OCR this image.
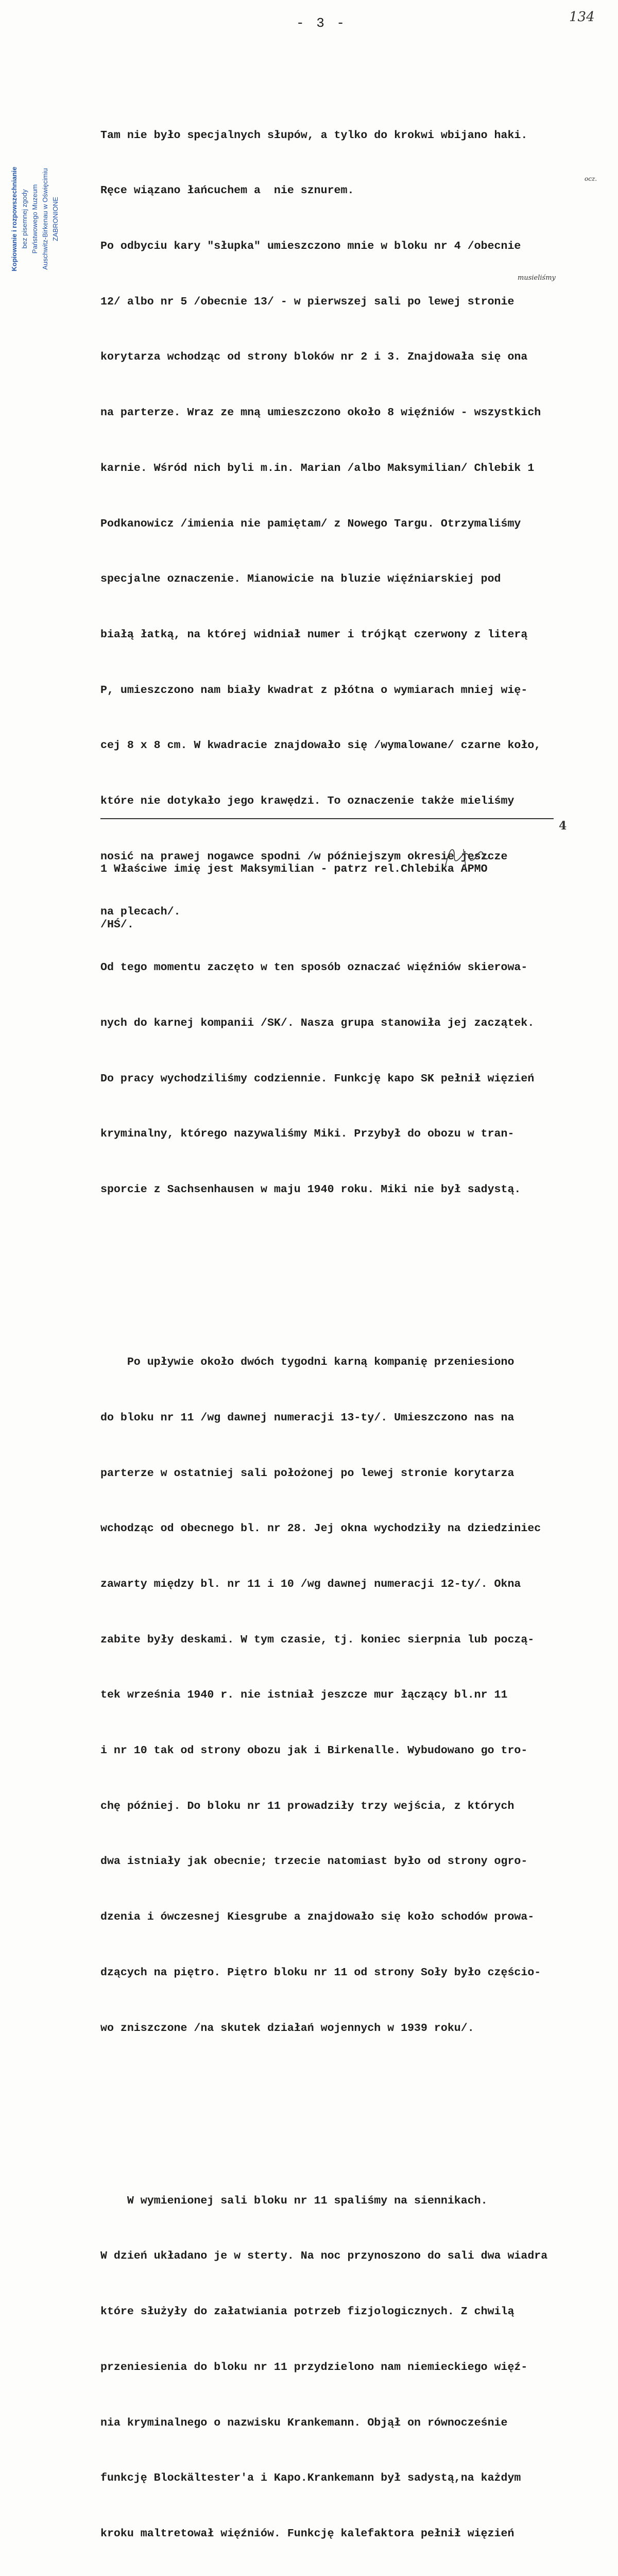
- 3 -	134
Kopiowanie i rozpowszechnianie bez pisemnej zgody Państwowego Muzeum Auschwitz-Birkenau w Oświęcimiu ZABRONIONE
ocz.
musieliśmy

Tam nie było specjalnych słupów, a tylko do krokwi wbijano haki.

Ręce wiązano łańcuchem a  nie sznurem.

Po odbyciu kary "słupka" umieszczono mnie w bloku nr 4 /obecnie

12/ albo nr 5 /obecnie 13/ - w pierwszej sali po lewej stronie

korytarza wchodząc od strony bloków nr 2 i 3. Znajdowała się ona

na parterze. Wraz ze mną umieszczono około 8 więźniów - wszystkich

karnie. Wśród nich byli m.in. Marian /albo Maksymilian/ Chlebik 1

Podkanowicz /imienia nie pamiętam/ z Nowego Targu. Otrzymaliśmy

specjalne oznaczenie. Mianowicie na bluzie więźniarskiej pod

białą łatką, na której widniał numer i trójkąt czerwony z literą

P, umieszczono nam biały kwadrat z płótna o wymiarach mniej wię-

cej 8 x 8 cm. W kwadracie znajdowało się /wymalowane/ czarne koło,

które nie dotykało jego krawędzi. To oznaczenie także mieliśmy

nosić na prawej nogawce spodni /w późniejszym okresie jeszcze

na plecach/.

Od tego momentu zaczęto w ten sposób oznaczać więźniów skierowa-

nych do karnej kompanii /SK/. Nasza grupa stanowiła jej zaczątek.

Do pracy wychodziliśmy codziennie. Funkcję kapo SK pełnił więzień

kryminalny, którego nazywaliśmy Miki. Przybył do obozu w tran-

sporcie z Sachsenhausen w maju 1940 roku. Miki nie był sadystą.

Po upływie około dwóch tygodni karną kompanię przeniesiono

do bloku nr 11 /wg dawnej numeracji 13-ty/. Umieszczono nas na

parterze w ostatniej sali położonej po lewej stronie korytarza

wchodząc od obecnego bl. nr 28. Jej okna wychodziły na dziedziniec

zawarty między bl. nr 11 i 10 /wg dawnej numeracji 12-ty/. Okna

zabite były deskami. W tym czasie, tj. koniec sierpnia lub począ-

tek września 1940 r. nie istniał jeszcze mur łączący bl.nr 11

i nr 10 tak od strony obozu jak i Birkenalle. Wybudowano go tro-

chę później. Do bloku nr 11 prowadziły trzy wejścia, z których

dwa istniały jak obecnie; trzecie natomiast było od strony ogro-

dzenia i ówczesnej Kiesgrube a znajdowało się koło schodów prowa-

dzących na piętro. Piętro bloku nr 11 od strony Soły było częścio-

wo zniszczone /na skutek działań wojennych w 1939 roku/.

W wymienionej sali bloku nr 11 spaliśmy na siennikach.

W dzień układano je w sterty. Na noc przynoszono do sali dwa wiadra

które służyły do załatwiania potrzeb fizjologicznych. Z chwilą

przeniesienia do bloku nr 11 przydzielono nam niemieckiego więź-

nia kryminalnego o nazwisku Krankemann. Objął on równocześnie

funkcję Blockältester'a i Kapo.Krankemann był sadystą,na każdym

kroku maltretował więźniów. Funkcję kalefaktora pełnił więzień

1 Właściwe imię jest Maksymilian - patrz rel.Chlebika APMO

/HŚ/.

4
